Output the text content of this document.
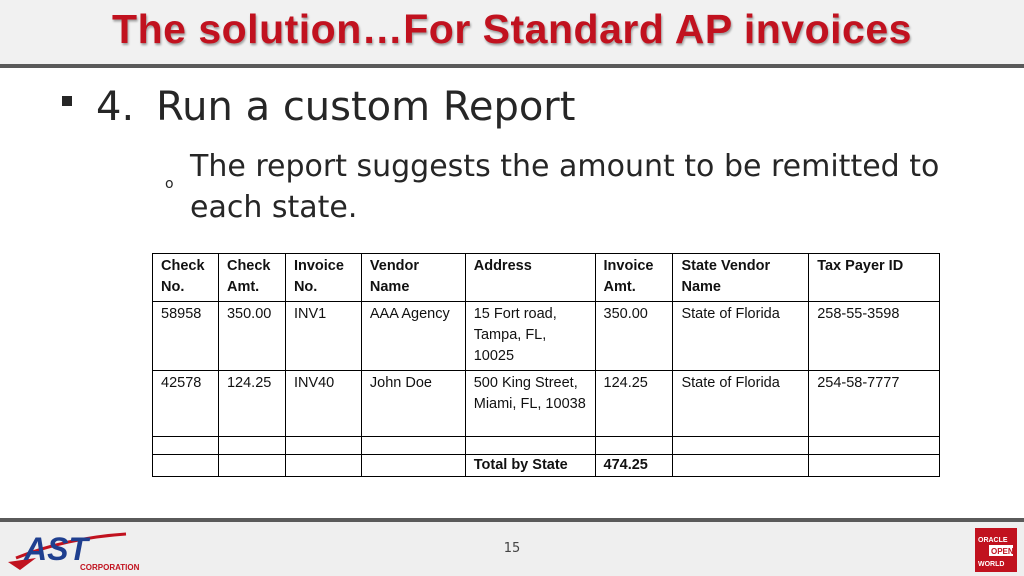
The solution…For Standard AP invoices
4. Run a custom Report
o The report suggests the amount to be remitted to each state.
Check No.	Check Amt.	Invoice No.	Vendor Name	Address	Invoice Amt.	State Vendor Name	Tax Payer ID
58958	350.00	INV1	AAA Agency	15 Fort road, Tampa, FL, 10025	350.00	State of Florida	258-55-3598
42578	124.25	INV40	John Doe	500 King Street, Miami, FL, 10038	124.25	State of Florida	254-58-7777

				Total by State	474.25		
AST
CORPORATION
15
ORACLE
OPEN
WORLD
